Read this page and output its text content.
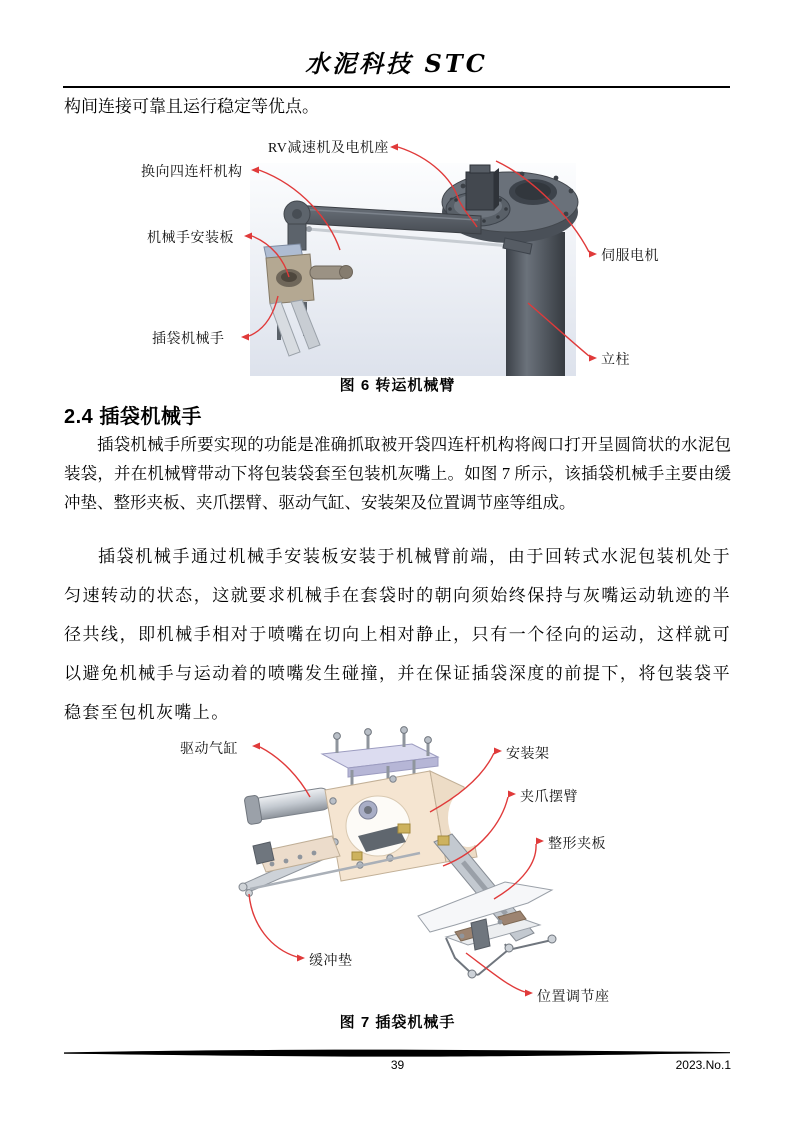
水泥科技 STC
构间连接可靠且运行稳定等优点。
RV减速机及电机座
换向四连杆机构
机械手安装板
插袋机械手
伺服电机
立柱
图 6 转运机械臂
2.4 插袋机械手
插袋机械手所要实现的功能是准确抓取被开袋四连杆机构将阀口打开呈圆筒状的水泥包装袋，并在机械臂带动下将包装袋套至包装机灰嘴上。如图 7 所示，该插袋机械手主要由缓冲垫、整形夹板、夹爪摆臂、驱动气缸、安装架及位置调节座等组成。
插袋机械手通过机械手安装板安装于机械臂前端，由于回转式水泥包装机处于匀速转动的状态，这就要求机械手在套袋时的朝向须始终保持与灰嘴运动轨迹的半径共线，即机械手相对于喷嘴在切向上相对静止，只有一个径向的运动，这样就可以避免机械手与运动着的喷嘴发生碰撞，并在保证插袋深度的前提下，将包装袋平稳套至包机灰嘴上。
驱动气缸	安装架
夹爪摆臂
整形夹板
缓冲垫
位置调节座
图 7 插袋机械手
39	2023.No.1
